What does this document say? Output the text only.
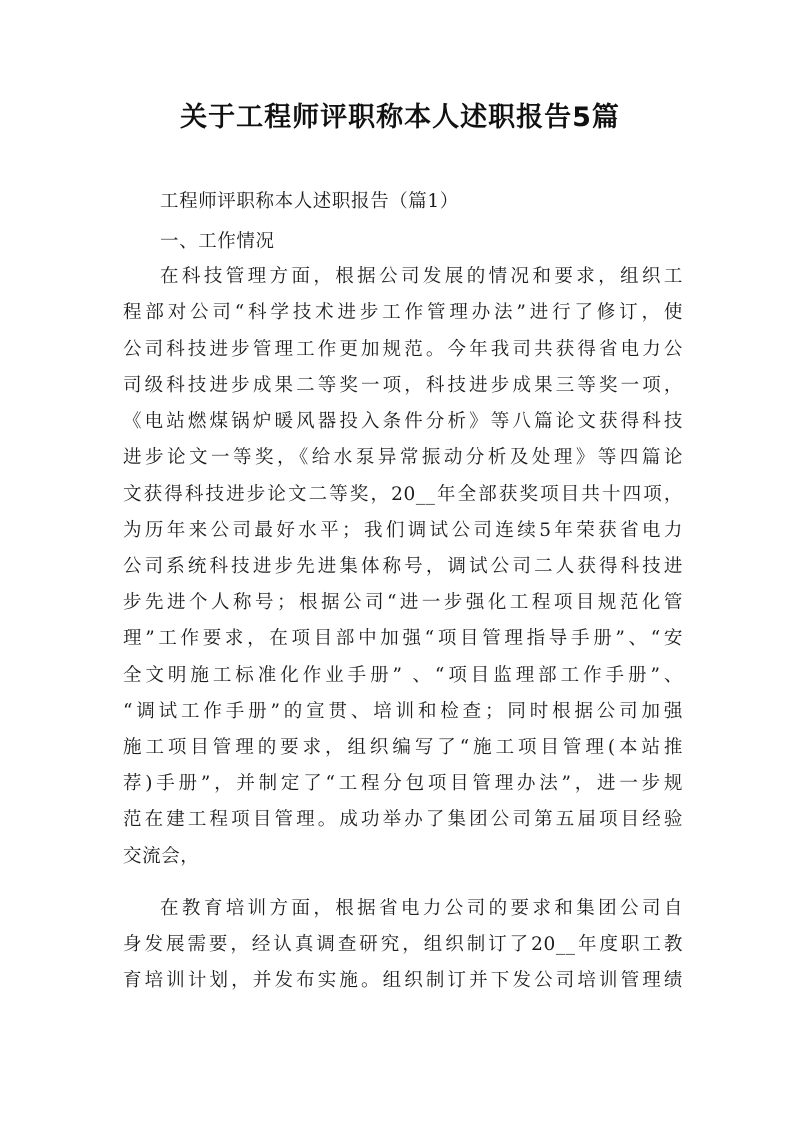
关于工程师评职称本人述职报告5篇
工程师评职称本人述职报告（篇1）
一、工作情况
在科技管理方面，根据公司发展的情况和要求，组织工
程部对公司“科学技术进步工作管理办法”进行了修订，使
公司科技进步管理工作更加规范。今年我司共获得省电力公
司级科技进步成果二等奖一项，科技进步成果三等奖一项，
《电站燃煤锅炉暖风器投入条件分析》等八篇论文获得科技
进步论文一等奖，《给水泵异常振动分析及处理》等四篇论
文获得科技进步论文二等奖，20__年全部获奖项目共十四项，
为历年来公司最好水平；我们调试公司连续5年荣获省电力
公司系统科技进步先进集体称号，调试公司二人获得科技进
步先进个人称号；根据公司“进一步强化工程项目规范化管
理”工作要求，在项目部中加强“项目管理指导手册”、“安
全文明施工标准化作业手册” 、“项目监理部工作手册”、
“调试工作手册”的宣贯、培训和检查；同时根据公司加强
施工项目管理的要求，组织编写了“施工项目管理(本站推
荐)手册”，并制定了“工程分包项目管理办法”，进一步规
范在建工程项目管理。成功举办了集团公司第五届项目经验
交流会，
在教育培训方面，根据省电力公司的要求和集团公司自
身发展需要，经认真调查研究，组织制订了20__年度职工教
育培训计划，并发布实施。组织制订并下发公司培训管理绩
